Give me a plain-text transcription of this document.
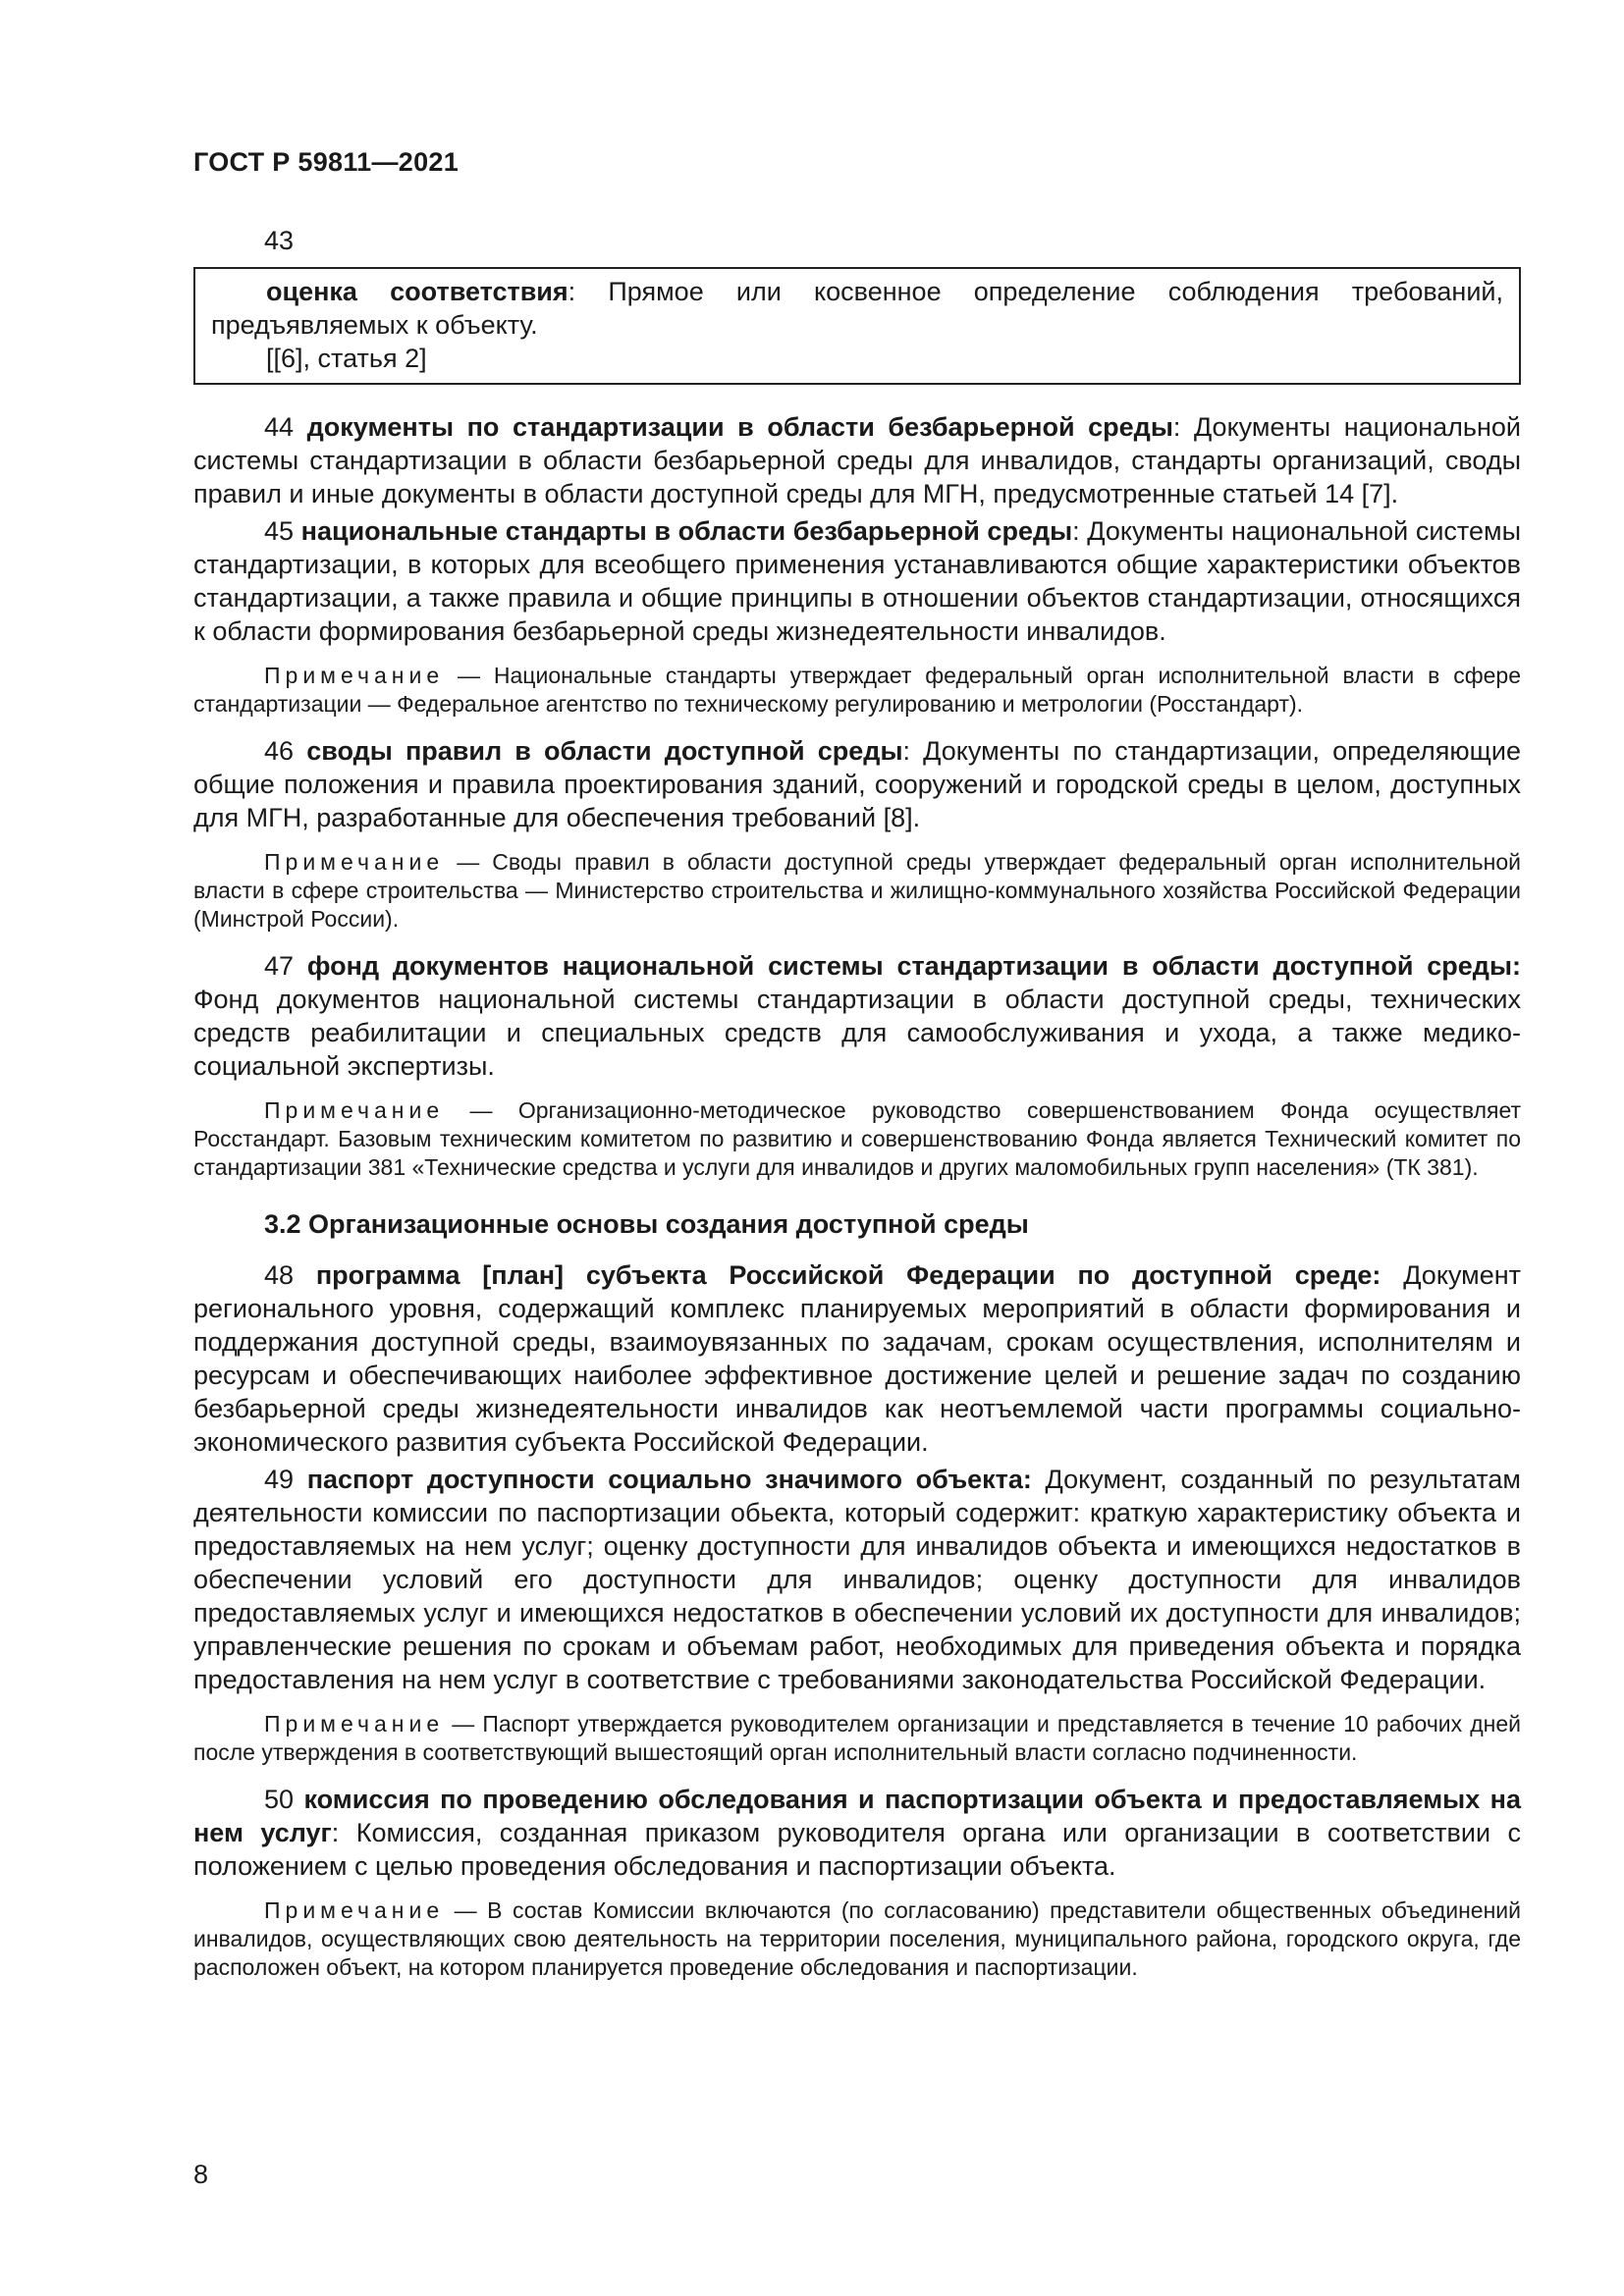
ГОСТ Р 59811—2021
43

оценка соответствия: Прямое или косвенное определение соблюдения требований, предъявляемых к объекту.

[[6], статья 2]

44 документы по стандартизации в области безбарьерной среды: Документы национальной системы стандартизации в области безбарьерной среды для инвалидов, стандарты организаций, своды правил и иные документы в области доступной среды для МГН, предусмотренные статьей 14 [7].

45 национальные стандарты в области безбарьерной среды: Документы национальной системы стандартизации, в которых для всеобщего применения устанавливаются общие характеристики объектов стандартизации, а также правила и общие принципы в отношении объектов стандартизации, относящихся к области формирования безбарьерной среды жизнедеятельности инвалидов.

Примечание — Национальные стандарты утверждает федеральный орган исполнительной власти в сфере стандартизации — Федеральное агентство по техническому регулированию и метрологии (Росстандарт).

46 своды правил в области доступной среды: Документы по стандартизации, определяющие общие положения и правила проектирования зданий, сооружений и городской среды в целом, доступных для МГН, разработанные для обеспечения требований [8].

Примечание — Своды правил в области доступной среды утверждает федеральный орган исполнительной власти в сфере строительства — Министерство строительства и жилищно-коммунального хозяйства Российской Федерации (Минстрой России).

47 фонд документов национальной системы стандартизации в области доступной среды: Фонд документов национальной системы стандартизации в области доступной среды, технических средств реабилитации и специальных средств для самообслуживания и ухода, а также медико-социальной экспертизы.

Примечание — Организационно-методическое руководство совершенствованием Фонда осуществляет Росстандарт. Базовым техническим комитетом по развитию и совершенствованию Фонда является Технический комитет по стандартизации 381 «Технические средства и услуги для инвалидов и других маломобильных групп населения» (ТК 381).

3.2 Организационные основы создания доступной среды

48 программа [план] субъекта Российской Федерации по доступной среде: Документ регионального уровня, содержащий комплекс планируемых мероприятий в области формирования и поддержания доступной среды, взаимоувязанных по задачам, срокам осуществления, исполнителям и ресурсам и обеспечивающих наиболее эффективное достижение целей и решение задач по созданию безбарьерной среды жизнедеятельности инвалидов как неотъемлемой части программы социально-экономического развития субъекта Российской Федерации.

49 паспорт доступности социально значимого объекта: Документ, созданный по результатам деятельности комиссии по паспортизации обьекта, который содержит: краткую характеристику объекта и предоставляемых на нем услуг; оценку доступности для инвалидов объекта и имеющихся недостатков в обеспечении условий его доступности для инвалидов; оценку доступности для инвалидов предоставляемых услуг и имеющихся недостатков в обеспечении условий их доступности для инвалидов; управленческие решения по срокам и объемам работ, необходимых для приведения объекта и порядка предоставления на нем услуг в соответствие с требованиями законодательства Российской Федерации.

Примечание — Паспорт утверждается руководителем организации и представляется в течение 10 рабочих дней после утверждения в соответствующий вышестоящий орган исполнительный власти согласно подчиненности.

50 комиссия по проведению обследования и паспортизации объекта и предоставляемых на нем услуг: Комиссия, созданная приказом руководителя органа или организации в соответствии с положением с целью проведения обследования и паспортизации объекта.

Примечание — В состав Комиссии включаются (по согласованию) представители общественных объединений инвалидов, осуществляющих свою деятельность на территории поселения, муниципального района, городского округа, где расположен объект, на котором планируется проведение обследования и паспортизации.

8
